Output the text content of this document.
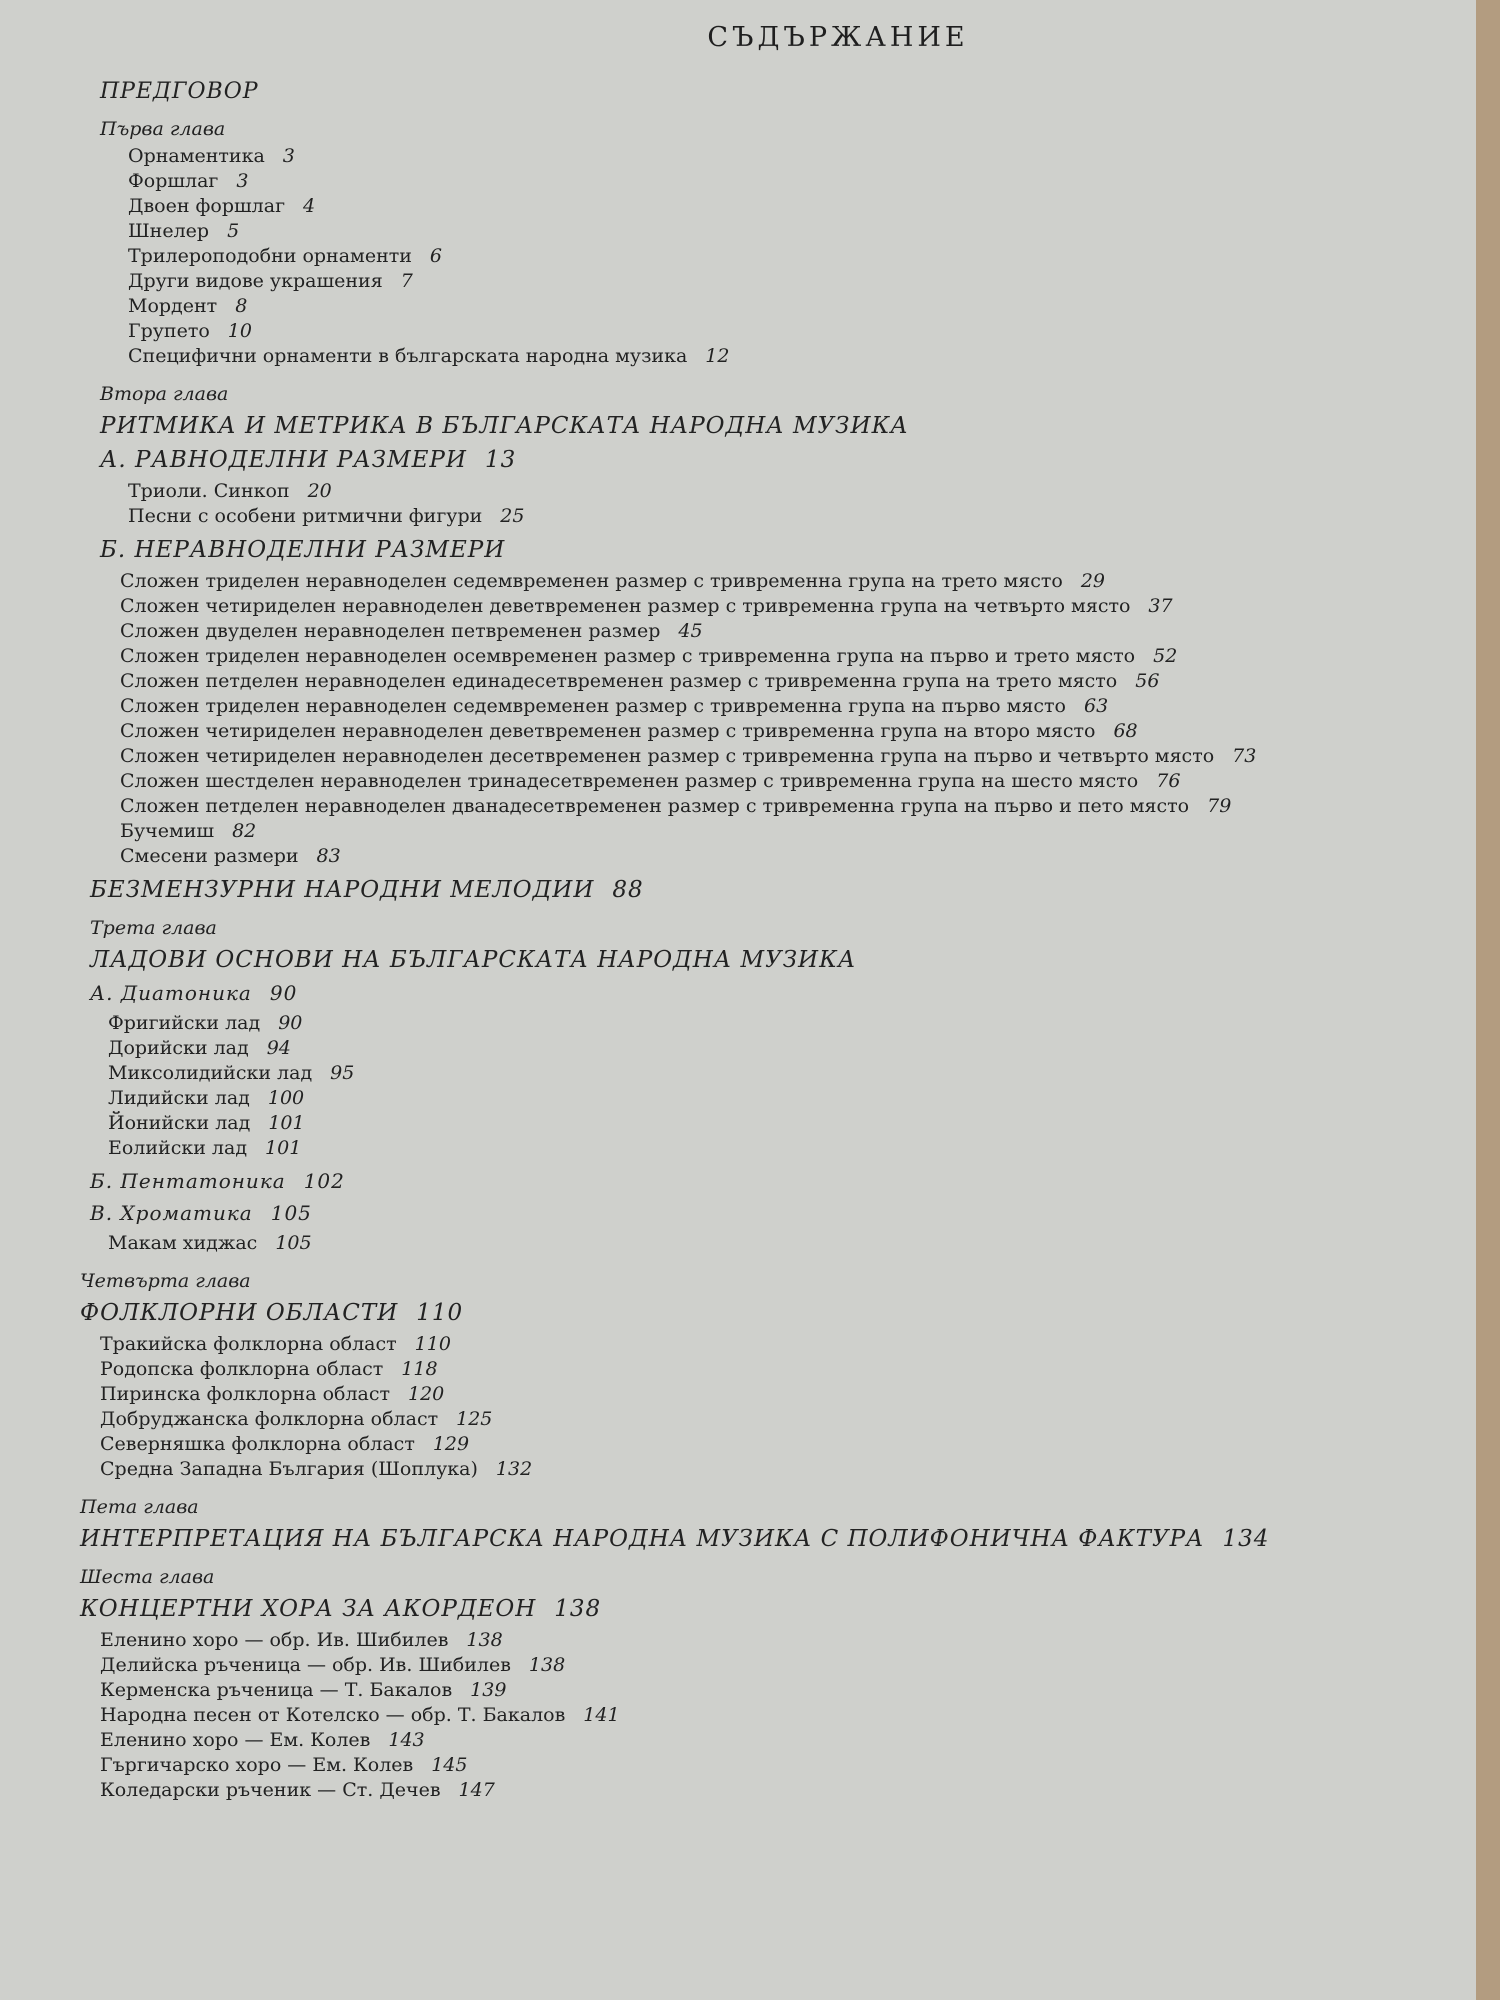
СЪДЪРЖАНИЕ
ПРЕДГОВОР
Първа глава
Орнаментика 3
Форшлаг 3
Двоен форшлаг 4
Шнелер 5
Трилероподобни орнаменти 6
Други видове украшения 7
Мордент 8
Групето 10
Специфични орнаменти в българската народна музика 12
Втора глава
РИТМИКА И МЕТРИКА В БЪЛГАРСКАТА НАРОДНА МУЗИКА
А. РАВНОДЕЛНИ РАЗМЕРИ 13
Триоли. Синкоп 20
Песни с особени ритмични фигури 25
Б. НЕРАВНОДЕЛНИ РАЗМЕРИ
Сложен триделен неравноделен седемвременен размер с тривременна група на трето място 29
Сложен четириделен неравноделен деветвременен размер с тривременна група на четвърто място 37
Сложен двуделен неравноделен петвременен размер 45
Сложен триделен неравноделен осемвременен размер с тривременна група на първо и трето място 52
Сложен петделен неравноделен единадесетвременен размер с тривременна група на трето място 56
Сложен триделен неравноделен седемвременен размер с тривременна група на първо място 63
Сложен четириделен неравноделен деветвременен размер с тривременна група на второ място 68
Сложен четириделен неравноделен десетвременен размер с тривременна група на първо и четвърто място 73
Сложен шестделен неравноделен тринадесетвременен размер с тривременна група на шесто място 76
Сложен петделен неравноделен дванадесетвременен размер с тривременна група на първо и пето място 79
Бучемиш 82
Смесени размери 83
БЕЗМЕНЗУРНИ НАРОДНИ МЕЛОДИИ 88
Трета глава
ЛАДОВИ ОСНОВИ НА БЪЛГАРСКАТА НАРОДНА МУЗИКА
А. Диатоника 90
Фригийски лад 90
Дорийски лад 94
Миксолидийски лад 95
Лидийски лад 100
Йонийски лад 101
Еолийски лад 101
Б. Пентатоника 102
В. Хроматика 105
Макам хиджас 105
Четвърта глава
ФОЛКЛОРНИ ОБЛАСТИ 110
Тракийска фолклорна област 110
Родопска фолклорна област 118
Пиринска фолклорна област 120
Добруджанска фолклорна област 125
Северняшка фолклорна област 129
Средна Западна България (Шоплука) 132
Пета глава
ИНТЕРПРЕТАЦИЯ НА БЪЛГАРСКА НАРОДНА МУЗИКА С ПОЛИФОНИЧНА ФАКТУРА 134
Шеста глава
КОНЦЕРТНИ ХОРА ЗА АКОРДЕОН 138
Еленино хоро — обр. Ив. Шибилев 138
Делийска ръченица — обр. Ив. Шибилев 138
Керменска ръченица — Т. Бакалов 139
Народна песен от Котелско — обр. Т. Бакалов 141
Еленино хоро — Ем. Колев 143
Гъргичарско хоро — Ем. Колев 145
Коледарски ръченик — Ст. Дечев 147
